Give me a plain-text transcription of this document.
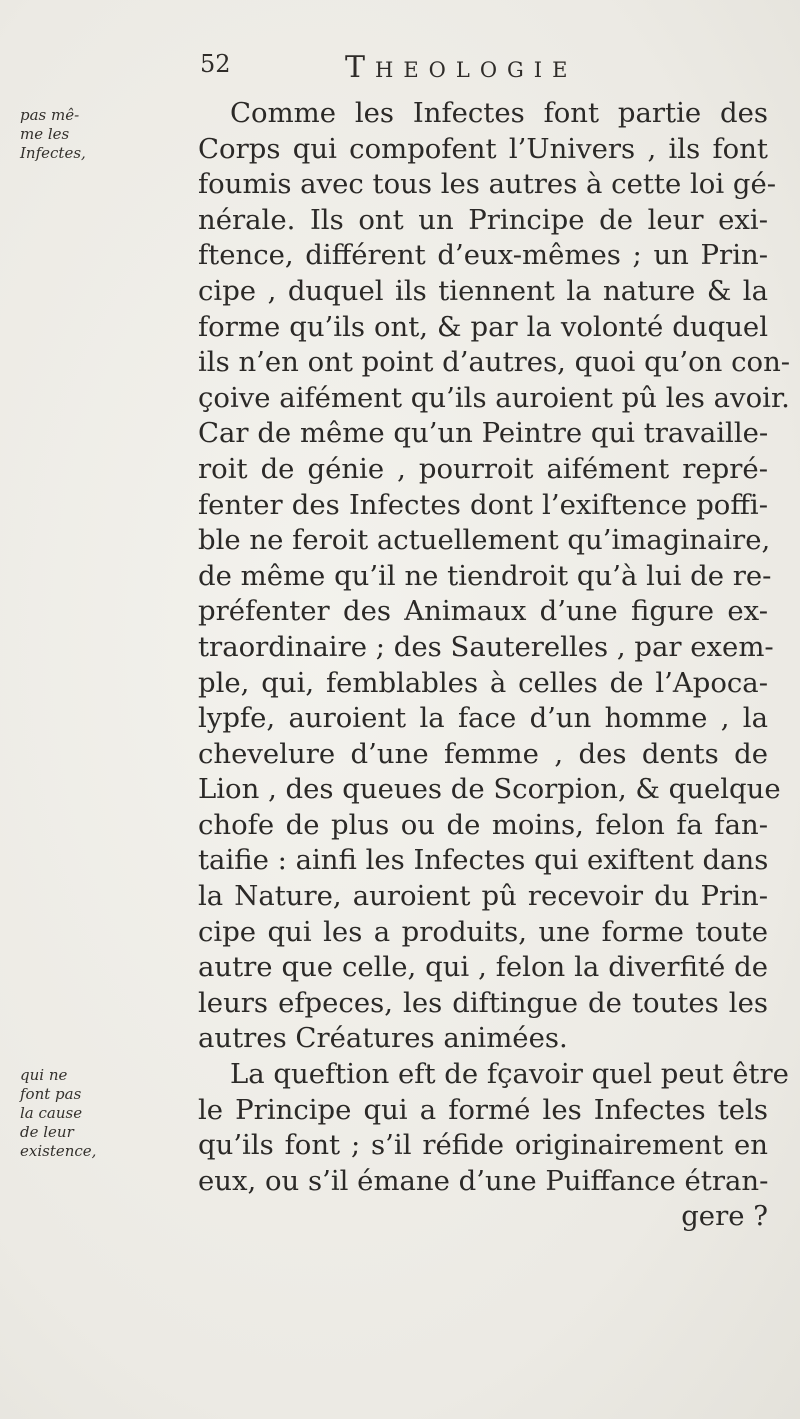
52	Theologie
pas mê-
me les
Infectes,
qui ne
font pas
la cause
de leur
existence,
Comme les Infectes font partie des
Corps qui compofent l’Univers , ils font
foumis avec tous les autres à cette loi gé-
nérale. Ils ont un Principe de leur exi-
ftence, différent d’eux-mêmes ; un Prin-
cipe , duquel ils tiennent la nature & la
forme qu’ils ont, & par la volonté duquel
ils n’en ont point d’autres, quoi qu’on con-
çoive aifément qu’ils auroient pû les avoir.
Car de même qu’un Peintre qui travaille-
roit de génie , pourroit aifément repré-
fenter des Infectes dont l’exiftence poffi-
ble ne feroit actuellement qu’imaginaire,
de même qu’il ne tiendroit qu’à lui de re-
préfenter des Animaux d’une figure ex-
traordinaire ; des Sauterelles , par exem-
ple, qui, femblables à celles de l’Apoca-
lypfe, auroient la face d’un homme , la
chevelure d’une femme , des dents de
Lion , des queues de Scorpion, & quelque
chofe de plus ou de moins, felon fa fan-
taifie : ainfi les Infectes qui exiftent dans
la Nature, auroient pû recevoir du Prin-
cipe qui les a produits, une forme toute
autre que celle, qui , felon la diverfité de
leurs efpeces, les diftingue de toutes les
autres Créatures animées.
La queftion eft de fçavoir quel peut être
le Principe qui a formé les Infectes tels
qu’ils font ; s’il réfide originairement en
eux, ou s’il émane d’une Puiffance étran-
gere ?
